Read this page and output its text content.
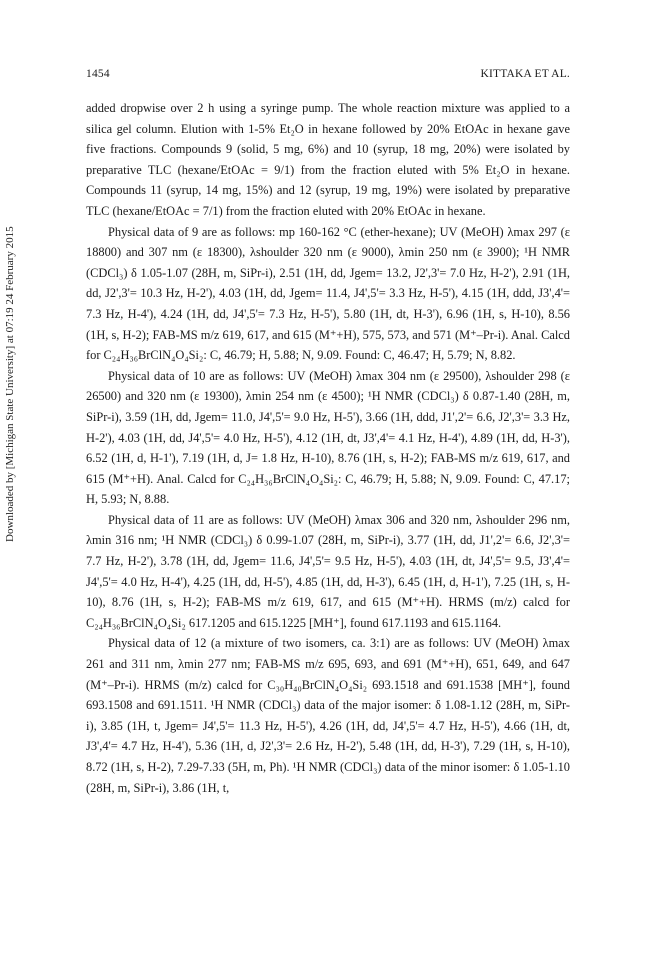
1454	KITTAKA ET AL.
Downloaded by [Michigan State University] at 07:19 24 February 2015

added dropwise over 2 h using a syringe pump. The whole reaction mixture was applied to a silica gel column. Elution with 1-5% Et₂O in hexane followed by 20% EtOAc in hexane gave five fractions. Compounds 9 (solid, 5 mg, 6%) and 10 (syrup, 18 mg, 20%) were isolated by preparative TLC (hexane/EtOAc = 9/1) from the fraction eluted with 5% Et₂O in hexane. Compounds 11 (syrup, 14 mg, 15%) and 12 (syrup, 19 mg, 19%) were isolated by preparative TLC (hexane/EtOAc = 7/1) from the fraction eluted with 20% EtOAc in hexane.

Physical data of 9 are as follows: mp 160-162 °C (ether-hexane); UV (MeOH) λmax 297 (ε 18800) and 307 nm (ε 18300), λshoulder 320 nm (ε 9000), λmin 250 nm (ε 3900); ¹H NMR (CDCl₃) δ 1.05-1.07 (28H, m, SiPr-i), 2.51 (1H, dd, Jgem= 13.2, J2',3'= 7.0 Hz, H-2'), 2.91 (1H, dd, J2',3'= 10.3 Hz, H-2'), 4.03 (1H, dd, Jgem= 11.4, J4',5'= 3.3 Hz, H-5'), 4.15 (1H, ddd, J3',4'= 7.3 Hz, H-4'), 4.24 (1H, dd, J4',5'= 7.3 Hz, H-5'), 5.80 (1H, dt, H-3'), 6.96 (1H, s, H-10), 8.56 (1H, s, H-2); FAB-MS m/z 619, 617, and 615 (M⁺+H), 575, 573, and 571 (M⁺–Pr-i). Anal. Calcd for C₂₄H₃₆BrClN₄O₄Si₂: C, 46.79; H, 5.88; N, 9.09. Found: C, 46.47; H, 5.79; N, 8.82.

Physical data of 10 are as follows: UV (MeOH) λmax 304 nm (ε 29500), λshoulder 298 (ε 26500) and 320 nm (ε 19300), λmin 254 nm (ε 4500); ¹H NMR (CDCl₃) δ 0.87-1.40 (28H, m, SiPr-i), 3.59 (1H, dd, Jgem= 11.0, J4',5'= 9.0 Hz, H-5'), 3.66 (1H, ddd, J1',2'= 6.6, J2',3'= 3.3 Hz, H-2'), 4.03 (1H, dd, J4',5'= 4.0 Hz, H-5'), 4.12 (1H, dt, J3',4'= 4.1 Hz, H-4'), 4.89 (1H, dd, H-3'), 6.52 (1H, d, H-1'), 7.19 (1H, d, J= 1.8 Hz, H-10), 8.76 (1H, s, H-2); FAB-MS m/z 619, 617, and 615 (M⁺+H). Anal. Calcd for C₂₄H₃₆BrClN₄O₄Si₂: C, 46.79; H, 5.88; N, 9.09. Found: C, 47.17; H, 5.93; N, 8.88.

Physical data of 11 are as follows: UV (MeOH) λmax 306 and 320 nm, λshoulder 296 nm, λmin 316 nm; ¹H NMR (CDCl₃) δ 0.99-1.07 (28H, m, SiPr-i), 3.77 (1H, dd, J1',2'= 6.6, J2',3'= 7.7 Hz, H-2'), 3.78 (1H, dd, Jgem= 11.6, J4',5'= 9.5 Hz, H-5'), 4.03 (1H, dt, J4',5'= 9.5, J3',4'= J4',5'= 4.0 Hz, H-4'), 4.25 (1H, dd, H-5'), 4.85 (1H, dd, H-3'), 6.45 (1H, d, H-1'), 7.25 (1H, s, H-10), 8.76 (1H, s, H-2); FAB-MS m/z 619, 617, and 615 (M⁺+H). HRMS (m/z) calcd for C₂₄H₃₆BrClN₄O₄Si₂ 617.1205 and 615.1225 [MH⁺], found 617.1193 and 615.1164.

Physical data of 12 (a mixture of two isomers, ca. 3:1) are as follows: UV (MeOH) λmax 261 and 311 nm, λmin 277 nm; FAB-MS m/z 695, 693, and 691 (M⁺+H), 651, 649, and 647 (M⁺–Pr-i). HRMS (m/z) calcd for C₃₀H₄₀BrClN₄O₄Si₂ 693.1518 and 691.1538 [MH⁺], found 693.1508 and 691.1511. ¹H NMR (CDCl₃) data of the major isomer: δ 1.08-1.12 (28H, m, SiPr-i), 3.85 (1H, t, Jgem= J4',5'= 11.3 Hz, H-5'), 4.26 (1H, dd, J4',5'= 4.7 Hz, H-5'), 4.66 (1H, dt, J3',4'= 4.7 Hz, H-4'), 5.36 (1H, d, J2',3'= 2.6 Hz, H-2'), 5.48 (1H, dd, H-3'), 7.29 (1H, s, H-10), 8.72 (1H, s, H-2), 7.29-7.33 (5H, m, Ph). ¹H NMR (CDCl₃) data of the minor isomer: δ 1.05-1.10 (28H, m, SiPr-i), 3.86 (1H, t,
